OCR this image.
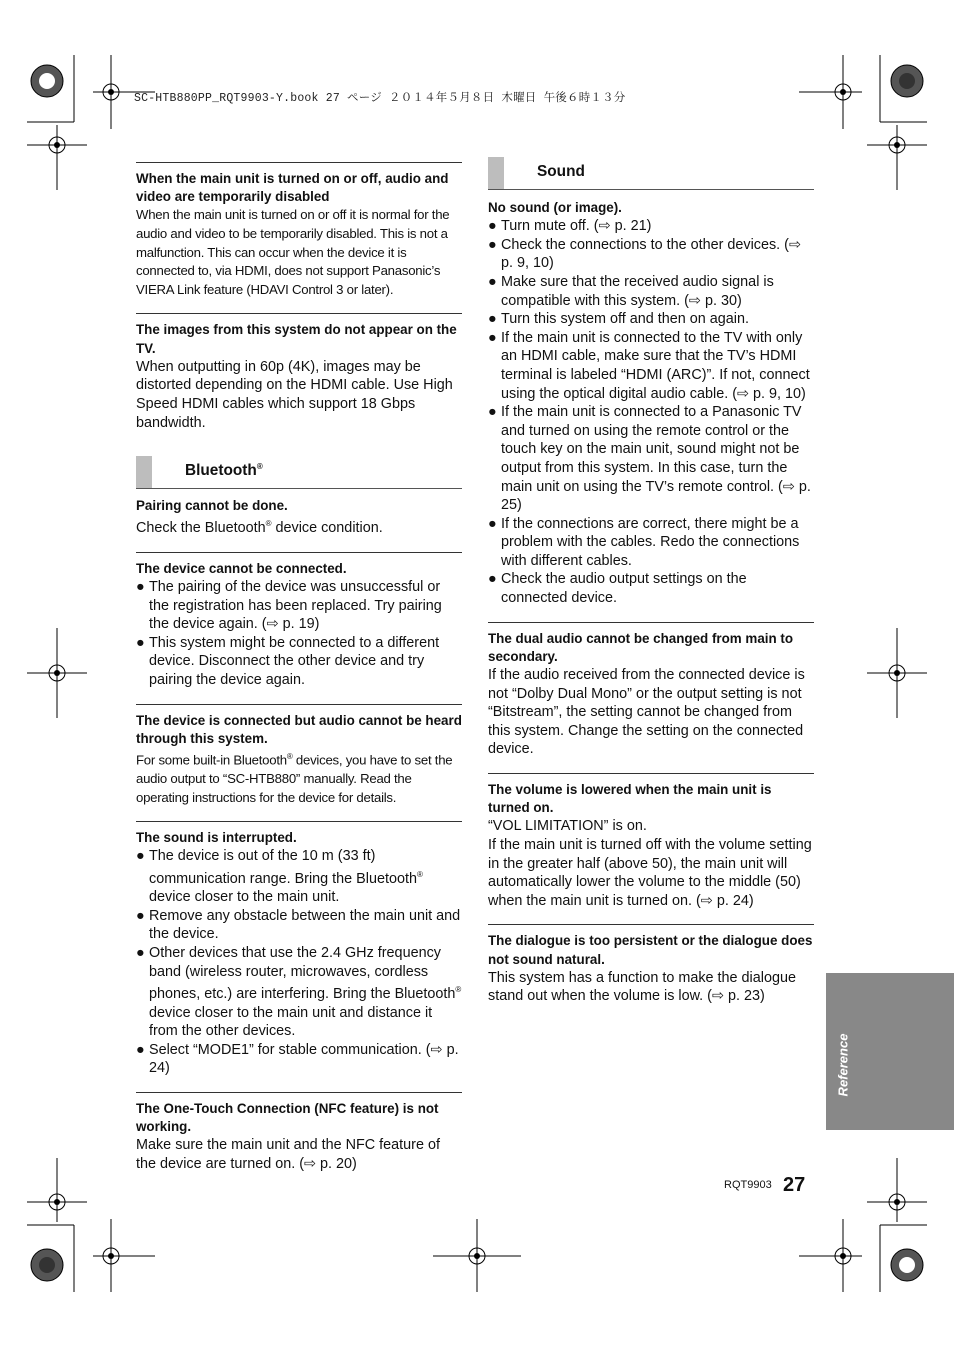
SC-HTB880PP_RQT9903-Y.book 27 ページ ２０１４年５月８日 木曜日 午後６時１３分

When the main unit is turned on or off, audio and video are temporarily disabled

When the main unit is turned on or off it is normal for the audio and video to be temporarily disabled. This is not a malfunction. This can occur when the device it is connected to, via HDMI, does not support Panasonic’s VIERA Link feature (HDAVI Control 3 or later).

The images from this system do not appear on the TV.

When outputting in 60p (4K), images may be distorted depending on the HDMI cable. Use High Speed HDMI cables which support 18 Gbps bandwidth.

Bluetooth®

Pairing cannot be done.

Check the Bluetooth® device condition.

The device cannot be connected.

● The pairing of the device was unsuccessful or the registration has been replaced. Try pairing the device again. (⇨ p. 19)
● This system might be connected to a different device. Disconnect the other device and try pairing the device again.

The device is connected but audio cannot be heard through this system.

For some built-in Bluetooth® devices, you have to set the audio output to “SC-HTB880” manually. Read the operating instructions for the device for details.

The sound is interrupted.

● The device is out of the 10 m (33 ft) communication range. Bring the Bluetooth® device closer to the main unit.
● Remove any obstacle between the main unit and the device.
● Other devices that use the 2.4 GHz frequency band (wireless router, microwaves, cordless phones, etc.) are interfering. Bring the Bluetooth® device closer to the main unit and distance it from the other devices.
● Select “MODE1” for stable communication. (⇨ p. 24)

The One-Touch Connection (NFC feature) is not working.

Make sure the main unit and the NFC feature of the device are turned on. (⇨ p. 20)

Sound

No sound (or image).

● Turn mute off. (⇨ p. 21)
● Check the connections to the other devices. (⇨ p. 9, 10)
● Make sure that the received audio signal is compatible with this system. (⇨ p. 30)
● Turn this system off and then on again.
● If the main unit is connected to the TV with only an HDMI cable, make sure that the TV’s HDMI terminal is labeled “HDMI (ARC)”. If not, connect using the optical digital audio cable. (⇨ p. 9, 10)
● If the main unit is connected to a Panasonic TV and turned on using the remote control or the touch key on the main unit, sound might not be output from this system. In this case, turn the main unit on using the TV’s remote control. (⇨ p. 25)
● If the connections are correct, there might be a problem with the cables. Redo the connections with different cables.
● Check the audio output settings on the connected device.

The dual audio cannot be changed from main to secondary.

If the audio received from the connected device is not “Dolby Dual Mono” or the output setting is not “Bitstream”, the setting cannot be changed from this system. Change the setting on the connected device.

The volume is lowered when the main unit is turned on.

“VOL LIMITATION” is on.

If the main unit is turned off with the volume setting in the greater half (above 50), the main unit will automatically lower the volume to the middle (50) when the main unit is turned on. (⇨ p. 24)

The dialogue is too persistent or the dialogue does not sound natural.

This system has a function to make the dialogue stand out when the volume is low. (⇨ p. 23)

Reference
RQT9903 27
